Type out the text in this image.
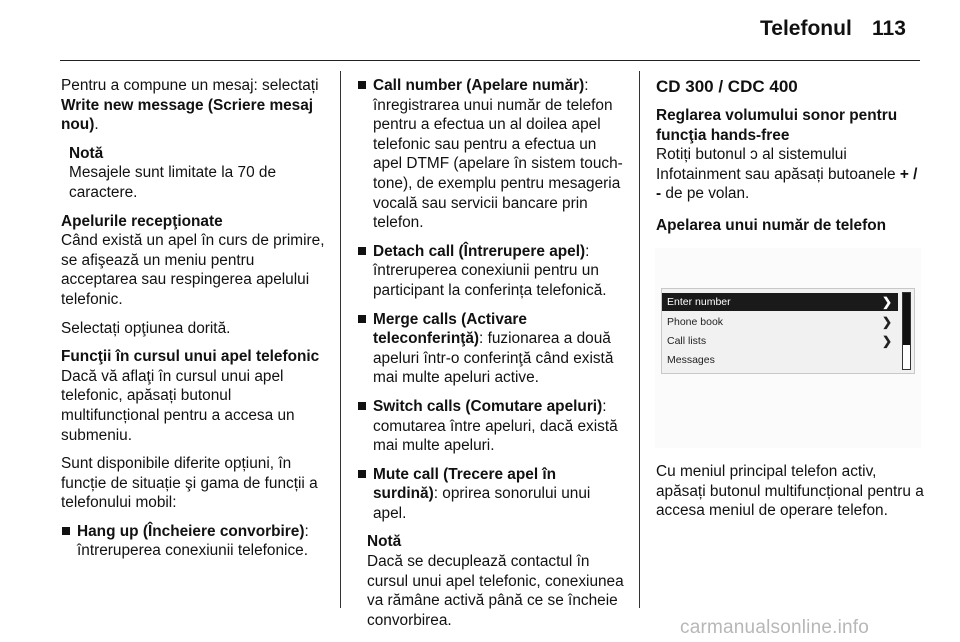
Telefonul 113

Pentru a compune un mesaj: selectați Write new message (Scriere mesaj nou).

Notă
Mesajele sunt limitate la 70 de caractere.

Apelurile recepţionate

Când există un apel în curs de primire, se afişează un meniu pentru acceptarea sau respingerea apelului telefonic.

Selectați opţiunea dorită.

Funcţii în cursul unui apel telefonic

Dacă vă aflaţi în cursul unui apel telefonic, apăsați butonul multifuncțional pentru a accesa un submeniu.

Sunt disponibile diferite opțiuni, în funcție de situație şi gama de funcții a telefonului mobil:

Hang up (Încheiere convorbire): întreruperea conexiunii telefonice.
Call number (Apelare număr): înregistrarea unui număr de telefon pentru a efectua un al doilea apel telefonic sau pentru a efectua un apel DTMF (apelare în sistem touch-tone), de exemplu pentru mesageria vocală sau servicii bancare prin telefon.
Detach call (Întrerupere apel): întreruperea conexiunii pentru un participant la conferința telefonică.
Merge calls (Activare teleconferinţă): fuzionarea a două apeluri într-o conferinţă când există mai multe apeluri active.
Switch calls (Comutare apeluri): comutarea între apeluri, dacă există mai multe apeluri.
Mute call (Trecere apel în surdină): oprirea sonorului unui apel.
Notă
Dacă se decuplează contactul în cursul unui apel telefonic, conexiunea va rămâne activă până ce se încheie convorbirea.
CD 300 / CDC 400

Reglarea volumului sonor pentru funcţia hands-free

Rotiți butonul ↄ al sistemului Infotainment sau apăsați butoanele + / - de pe volan.

Apelarea unui număr de telefon

Enter number	❯
Phone book	❯
Call lists	❯
Messages

Cu meniul principal telefon activ, apăsați butonul multifuncțional pentru a accesa meniul de operare telefon.

carmanualsonline.info
